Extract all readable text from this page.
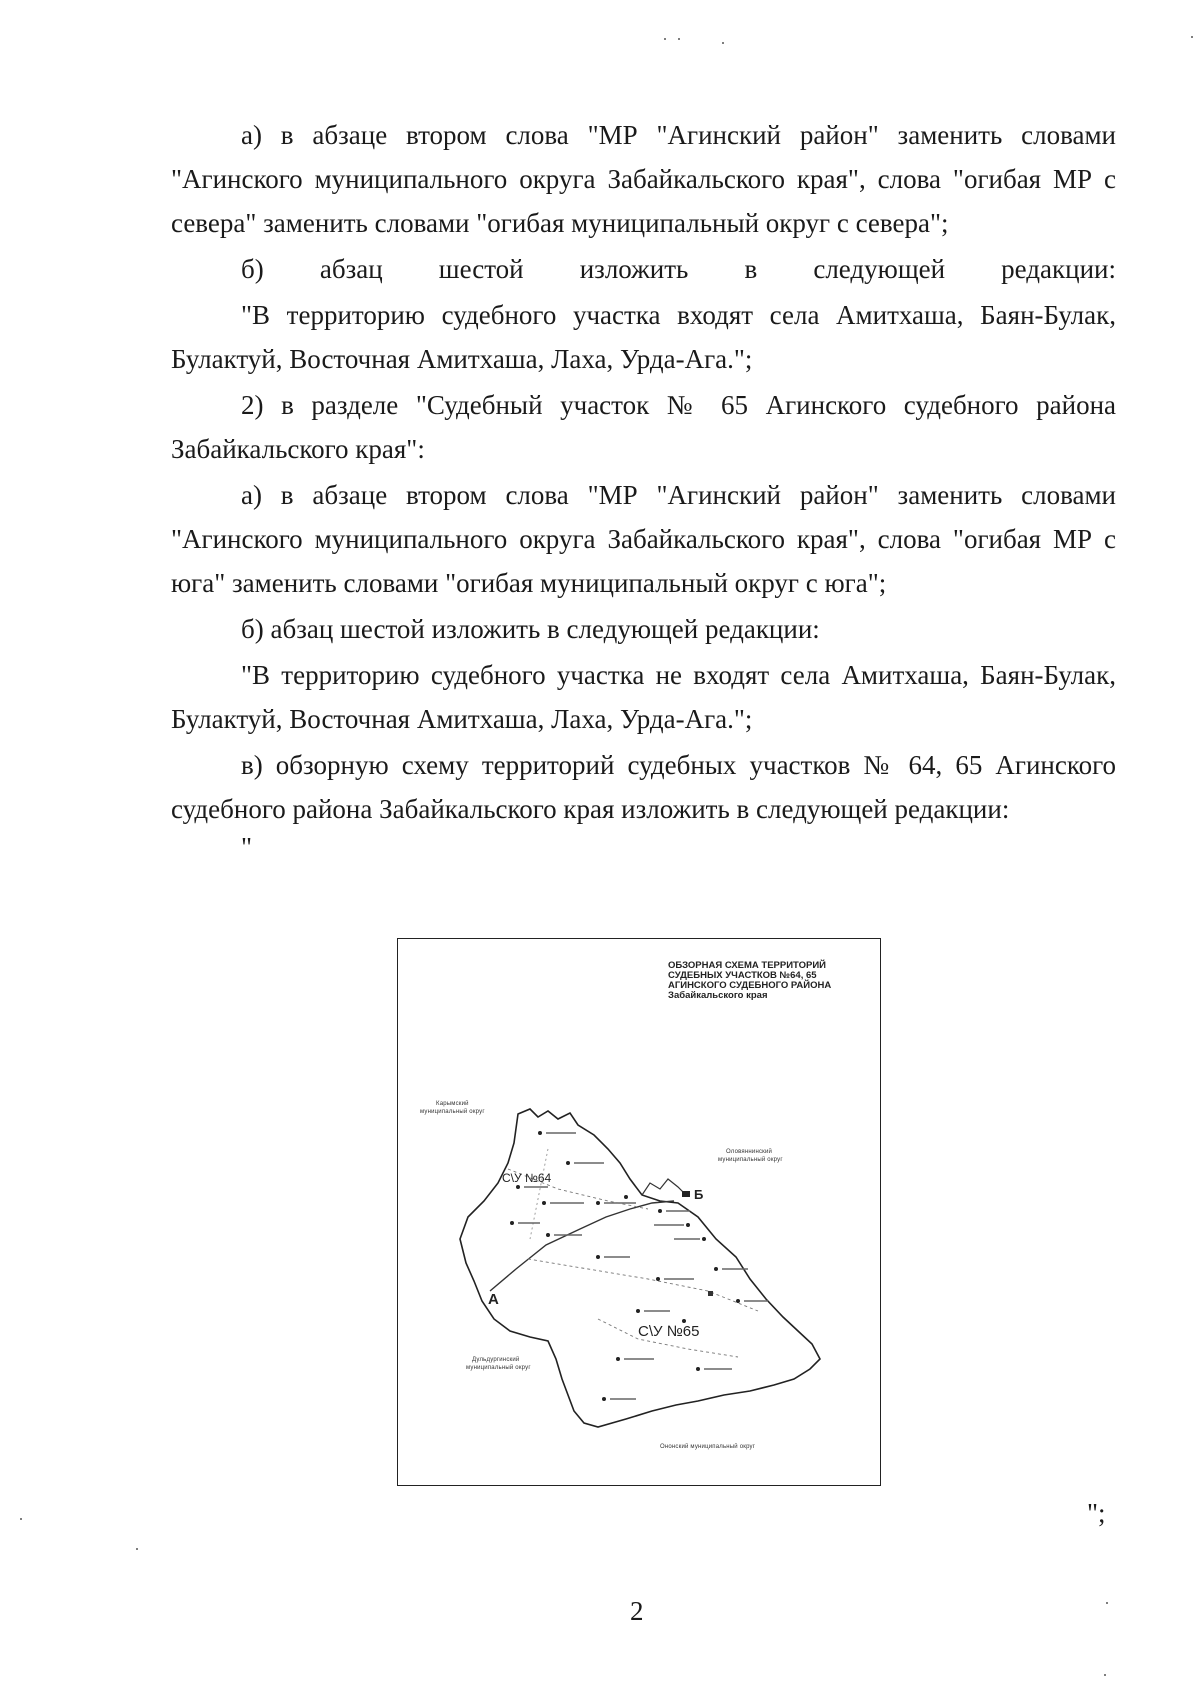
а) в абзаце втором слова "МР "Агинский район" заменить словами "Агинского муниципального округа Забайкальского края", слова "огибая МР с севера" заменить словами "огибая муниципальный округ с севера";

б) абзац шестой изложить в следующей редакции:

"В территорию судебного участка входят села Амитхаша, Баян-Булак, Булактуй, Восточная Амитхаша, Лаха, Урда-Ага.";

2) в разделе "Судебный участок № 65 Агинского судебного района Забайкальского края":

а) в абзаце втором слова "МР "Агинский район" заменить словами "Агинского муниципального округа Забайкальского края", слова "огибая МР с юга" заменить словами "огибая муниципальный округ с юга";

б) абзац шестой изложить в следующей редакции:

"В территорию судебного участка не входят села Амитхаша, Баян-Булак, Булактуй, Восточная Амитхаша, Лаха, Урда-Ага.";

в) обзорную схему территорий судебных участков № 64, 65 Агинского судебного района Забайкальского края изложить в следующей редакции:

"

ОБЗОРНАЯ СХЕМА ТЕРРИТОРИЙ
СУДЕБНЫХ УЧАСТКОВ №64, 65
АГИНСКОГО СУДЕБНОГО РАЙОНА
Забайкальского края
Карымский
муниципальный округ
Оловяннинский
муниципальный округ
Дульдургинский
муниципальный округ
Ононский муниципальный округ
С\У №64
С\У №65
А
Б
";
2
